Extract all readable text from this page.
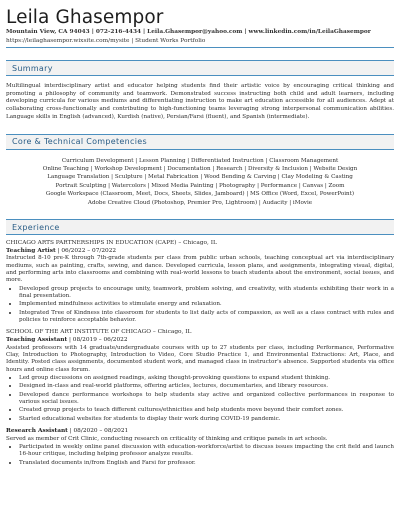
Leila Ghasempor
Mountain View, CA 94043 | 072-216-4434 | Leila.Ghasempor@yahoo.com | www.linkedin.com/in/LeilaGhasempor
https://leilaghasempor.wixsite.com/mysite | Student Works Portfolio
Summary
Multilingual interdisciplinary artist and educator helping students find their artistic voice by encouraging critical thinking and promoting a philosophy of community and teamwork. Demonstrated success instructing both child and adult learners, including developing curricula for various mediums and differentiating instruction to make art education accessible for all audiences. Adept at collaborating cross-functionally and contributing to high-functioning teams leveraging strong interpersonal communication abilities. Language skills in English (advanced), Kurdish (native), Persian/Farsi (fluent), and Spanish (intermediate).
Core & Technical Competencies
Curriculum Development | Lesson Planning | Differentiated Instruction | Classroom Management
Online Teaching | Workshop Development | Documentation | Research | Diversity & Inclusion | Website Design
Language Translation | Sculpture | Metal Fabrication | Wood Bending & Carving | Clay Modeling & Casting
Portrait Sculpting | Watercolors | Mixed Media Painting | Photography | Performance | Canvas | Zoom
Google Workspace (Classroom, Meet, Docs, Sheets, Slides, Jamboard) | MS Office (Word, Excel, PowerPoint)
Adobe Creative Cloud (Photoshop, Premier Pro, Lightroom) | Audacity | iMovie
Experience
CHICAGO ARTS PARTNERSHIPS IN EDUCATION (CAPE) – Chicago, IL
Teaching Artist | 06/2022 – 07/2022
Instructed 8-10 pre-K through 7th-grade students per class from public urban schools, teaching conceptual art via interdisciplinary mediums, such as painting, crafts, sewing, and dance. Developed curricula, lesson plans, and assignments, integrating visual, digital, and performing arts into classrooms and combining with real-world lessons to teach students about the environment, social issues, and more.
• Developed group projects to encourage unity, teamwork, problem solving, and creativity, with students exhibiting their work in a final presentation.
• Implemented mindfulness activities to stimulate energy and relaxation.
• Integrated Tree of Kindness into classroom for students to list daily acts of compassion, as well as a class contract with rules and policies to reinforce acceptable behavior.
SCHOOL OF THE ART INSTITUTE OF CHICAGO – Chicago, IL
Teaching Assistant | 08/2019 – 06/2022
Assisted professors with 14 graduate/undergraduate courses with up to 27 students per class, including Performance, Performative Clay, Introduction to Photography, Introduction to Video, Core Studio Practice 1, and Environmental Extractions: Art, Place, and Identity. Posted class assignments, documented student work, and managed class in instructor's absence. Supported students via office hours and online class forum.
• Led group discussions on assigned readings, asking thought-provoking questions to expand student thinking.
• Designed in-class and real-world platforms, offering articles, lectures, documentaries, and library resources.
• Developed dance performance workshops to help students stay active and organized collective performances in response to various social issues.
• Created group projects to teach different cultures/ethnicities and help students move beyond their comfort zones.
• Started educational websites for students to display their work during COVID-19 pandemic.
Research Assistant | 08/2020 – 08/2021
Served as member of Crit Clinic, conducting research on criticality of thinking and critique panels in art schools.
• Participated in weekly online panel discussion with education-workforce/artist to discuss issues impacting the crit field and launch 16-hour critique, including helping professor analyze results.
• Translated documents in/from English and Farsi for professor.
